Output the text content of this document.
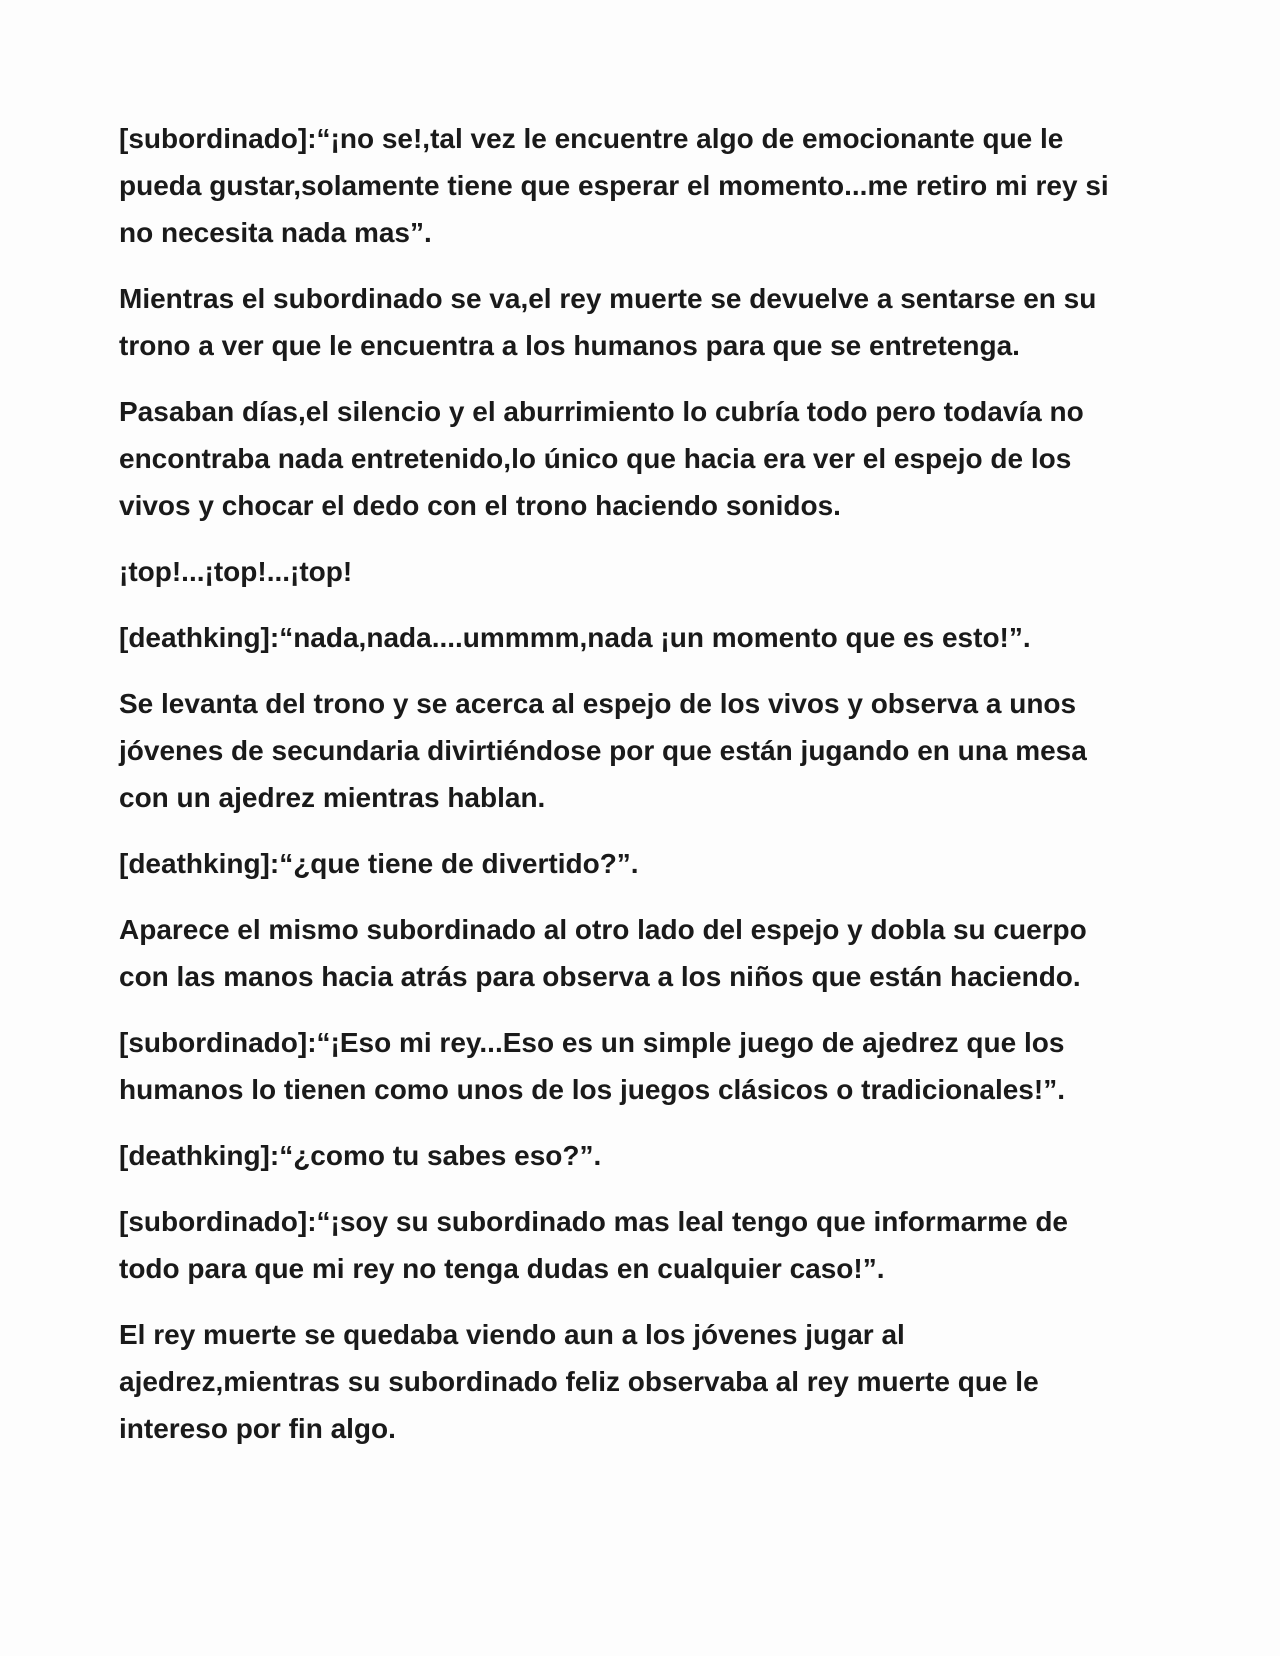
[subordinado]:“¡no se!,tal vez le encuentre algo de emocionante que le
pueda gustar,solamente tiene que esperar el momento...me retiro mi rey si
no necesita nada mas”.

Mientras el subordinado se va,el rey muerte se devuelve a sentarse en su
trono a ver que le encuentra a los humanos para que se entretenga.

Pasaban días,el silencio y el aburrimiento lo cubría todo pero todavía no
encontraba nada entretenido,lo único que hacia era ver el espejo de los
vivos y chocar el dedo con el trono haciendo sonidos.

¡top!...¡top!...¡top!

[deathking]:“nada,nada....ummmm,nada ¡un momento que es esto!”.

Se levanta del trono y se acerca al espejo de los vivos y observa a unos
jóvenes de secundaria divirtiéndose por que están jugando en una mesa
con un ajedrez mientras hablan.

[deathking]:“¿que tiene de divertido?”.

Aparece el mismo subordinado al otro lado del espejo y dobla su cuerpo
con las manos hacia atrás para observa a los niños que están haciendo.

[subordinado]:“¡Eso mi rey...Eso es un simple juego de ajedrez que los
humanos lo tienen como unos de los juegos clásicos o tradicionales!”.

[deathking]:“¿como tu sabes eso?”.

[subordinado]:“¡soy su subordinado mas leal tengo que informarme de
todo para que mi rey no tenga dudas en cualquier caso!”.

El rey muerte se quedaba viendo aun a los jóvenes jugar al
ajedrez,mientras su subordinado feliz observaba al rey muerte que le
intereso por fin algo.
